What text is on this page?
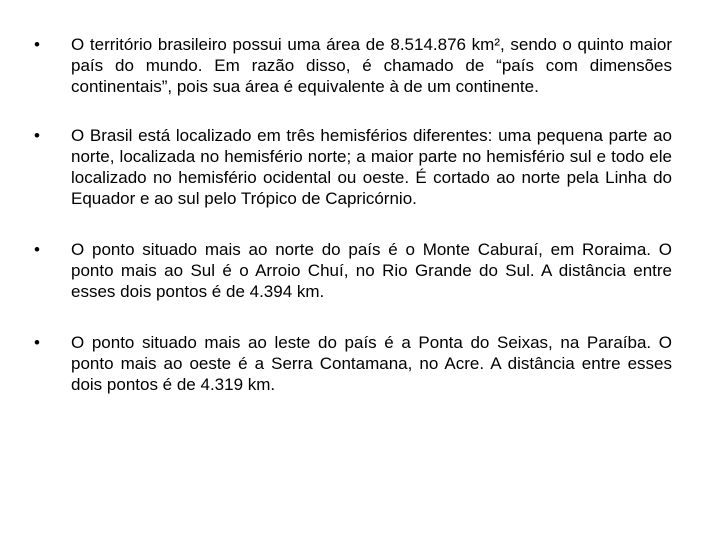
• O território brasileiro possui uma área de 8.514.876 km², sendo o quinto maior país do mundo. Em razão disso, é chamado de “país com dimensões continentais”, pois sua área é equivalente à de um continente.
• O Brasil está localizado em três hemisférios diferentes: uma pequena parte ao norte, localizada no hemisfério norte; a maior parte no hemisfério sul e todo ele localizado no hemisfério ocidental ou oeste. É cortado ao norte pela Linha do Equador e ao sul pelo Trópico de Capricórnio.
• O ponto situado mais ao norte do país é o Monte Caburaí, em Roraima. O ponto mais ao Sul é o Arroio Chuí, no Rio Grande do Sul. A distância entre esses dois pontos é de 4.394 km.
• O ponto situado mais ao leste do país é a Ponta do Seixas, na Paraíba. O ponto mais ao oeste é a Serra Contamana, no Acre. A distância entre esses dois pontos é de 4.319 km.
